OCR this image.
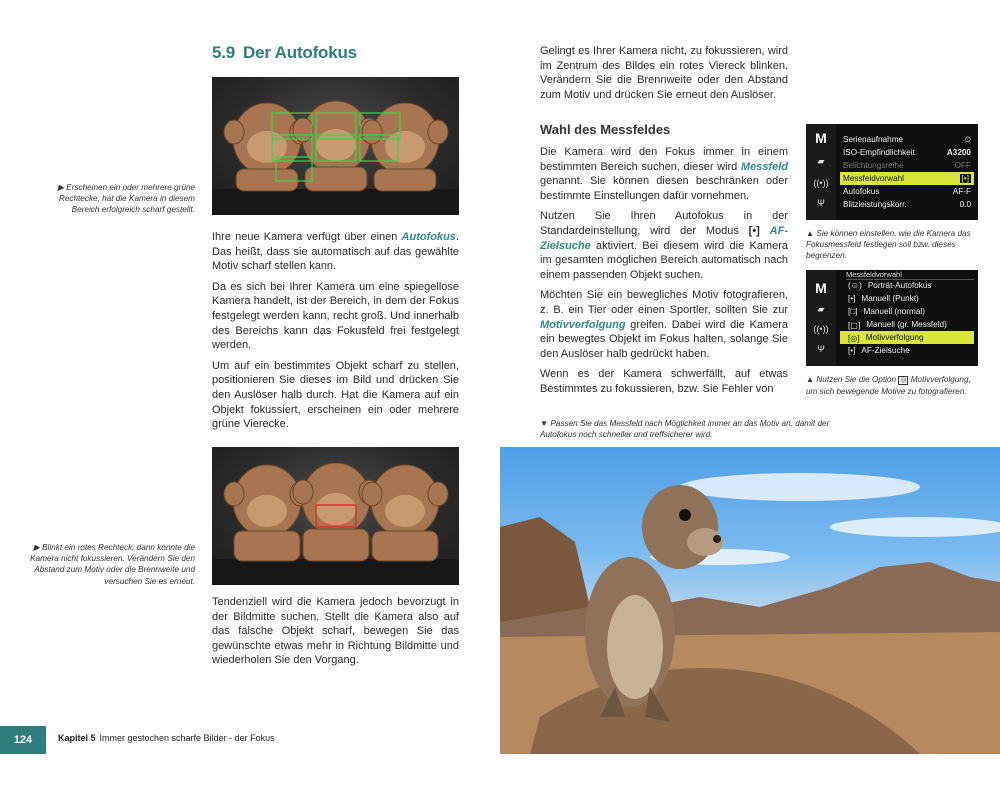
5.9 Der Autofokus
▶ Erscheinen ein oder mehrere grüne Rechtecke, hat die Kamera in diesem Bereich erfolgreich scharf gestellt.

Ihre neue Kamera verfügt über einen Autofokus. Das heißt, dass sie automatisch auf das gewählte Motiv scharf stellen kann.

Da es sich bei Ihrer Kamera um eine spiegellose Kamera handelt, ist der Bereich, in dem der Fokus festgelegt werden kann, recht groß. Und innerhalb des Bereichs kann das Fokusfeld frei festgelegt werden.

Um auf ein bestimmtes Objekt scharf zu stellen, positionieren Sie dieses im Bild und drücken Sie den Auslöser halb durch. Hat die Kamera auf ein Objekt fokussiert, erscheinen ein oder mehrere grüne Vierecke.

▶ Blinkt ein rotes Rechteck, dann konnte die Kamera nicht fokussieren. Verändern Sie den Abstand zum Motiv oder die Brennweite und versuchen Sie es erneut.

Tendenziell wird die Kamera jedoch bevorzugt in der Bildmitte suchen. Stellt die Kamera also auf das falsche Objekt scharf, bewegen Sie das gewünschte etwas mehr in Richtung Bildmitte und wiederholen Sie den Vorgang.

Gelingt es Ihrer Kamera nicht, zu fokussieren, wird im Zentrum des Bildes ein rotes Viereck blinken. Verändern Sie die Brennweite oder den Abstand zum Motiv und drücken Sie erneut den Auslöser.

Wahl des Messfeldes

Die Kamera wird den Fokus immer in einem bestimmten Bereich suchen, dieser wird Messfeld genannt. Sie können diesen beschränken oder bestimmte Einstellungen dafür vornehmen.

Nutzen Sie Ihren Autofokus in der Standardeinstellung, wird der Modus [•] AF-Zielsuche aktiviert. Bei diesem wird die Kamera im gesamten möglichen Bereich automatisch nach einem passenden Objekt suchen.

Möchten Sie ein bewegliches Motiv fotografieren, z. B. ein Tier oder einen Sportler, sollten Sie zur Motivverfolgung greifen. Dabei wird die Kamera ein bewegtes Objekt im Fokus halten, solange Sie den Auslöser halb gedrückt haben.

Wenn es der Kamera schwerfällt, auf etwas Bestimmtes zu fokussieren, bzw. Sie Fehler von

M
▰
((•))
Ψ
Serienaufnahme	⏲
ISO-Empfindlichkeit	A3200
Belichtungsreihe	OFF
Messfeldvorwahl	[•]
Autofokus	AF-F
Blitzleistungskorr.	0.0
▲ Sie können einstellen, wie die Kamera das Fokusmessfeld festlegen soll bzw. dieses begrenzen.
Messfeldvorwahl
M
▰
((•))
Ψ
(☺) Porträt-Autofokus
[•] Manuell (Punkt)
[□] Manuell (normal)
[▢] Manuell (gr. Messfeld)
[◎] Motivverfolgung
[•] AF-Zielsuche
▲ Nutzen Sie die Option ◎ Motivverfolgung, um sich bewegende Motive zu fotografieren.
▼ Passen Sie das Messfeld nach Möglichkeit immer an das Motiv an, damit der Autofokus noch schneller und treffsicherer wird.
124	Kapitel 5 Immer gestochen scharfe Bilder - der Fokus
